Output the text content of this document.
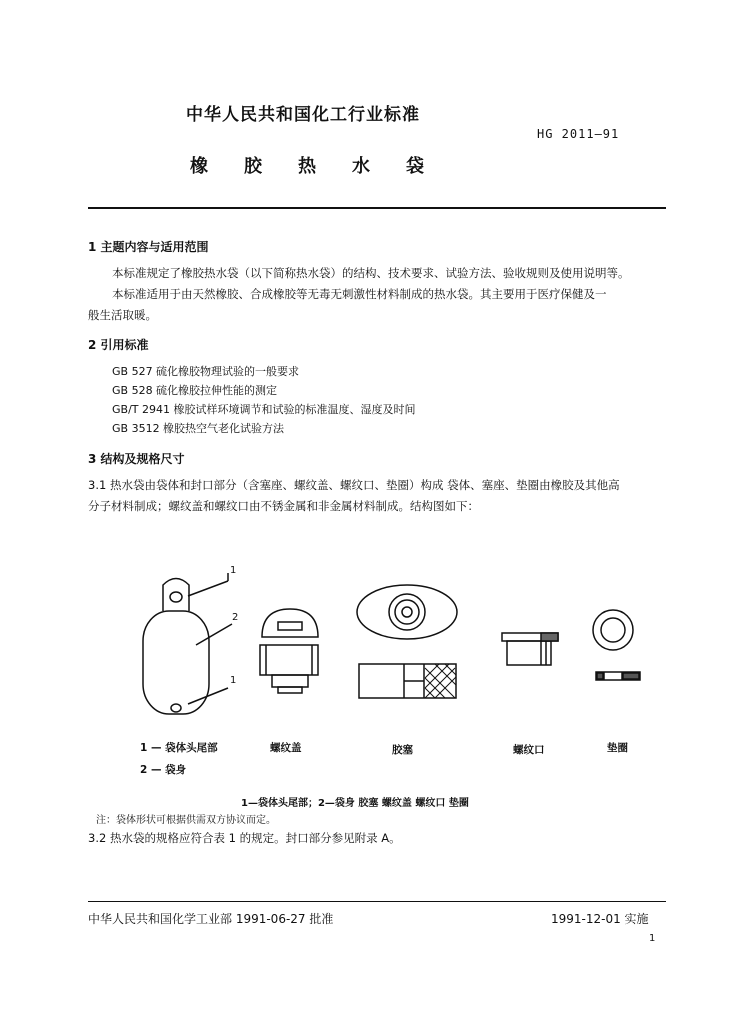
中华人民共和国化工行业标准
HG 2011—91
橡胶热水袋
1 主题内容与适用范围
本标准规定了橡胶热水袋（以下简称热水袋）的结构、技术要求、试验方法、验收规则及使用说明等。
本标准适用于由天然橡胶、合成橡胶等无毒无刺激性材料制成的热水袋。其主要用于医疗保健及一
般生活取暖。
2 引用标准
GB 527 硫化橡胶物理试验的一般要求
GB 528 硫化橡胶拉伸性能的测定
GB/T 2941 橡胶试样环境调节和试验的标准温度、湿度及时间
GB 3512 橡胶热空气老化试验方法
3 结构及规格尺寸
3.1 热水袋由袋体和封口部分（含塞座、螺纹盖、螺纹口、垫圈）构成 袋体、塞座、垫圈由橡胶及其他高
分子材料制成；螺纹盖和螺纹口由不锈金属和非金属材料制成。结构图如下：
1
2
1
1 — 袋体头尾部
2 — 袋身
螺纹盖	胶塞	螺纹口	垫圈
1—袋体头尾部；2—袋身 胶塞 螺纹盖 螺纹口 垫圈
注：袋体形状可根据供需双方协议而定。
3.2 热水袋的规格应符合表 1 的规定。封口部分参见附录 A。
中华人民共和国化学工业部 1991-06-27 批准	1991-12-01 实施
1
